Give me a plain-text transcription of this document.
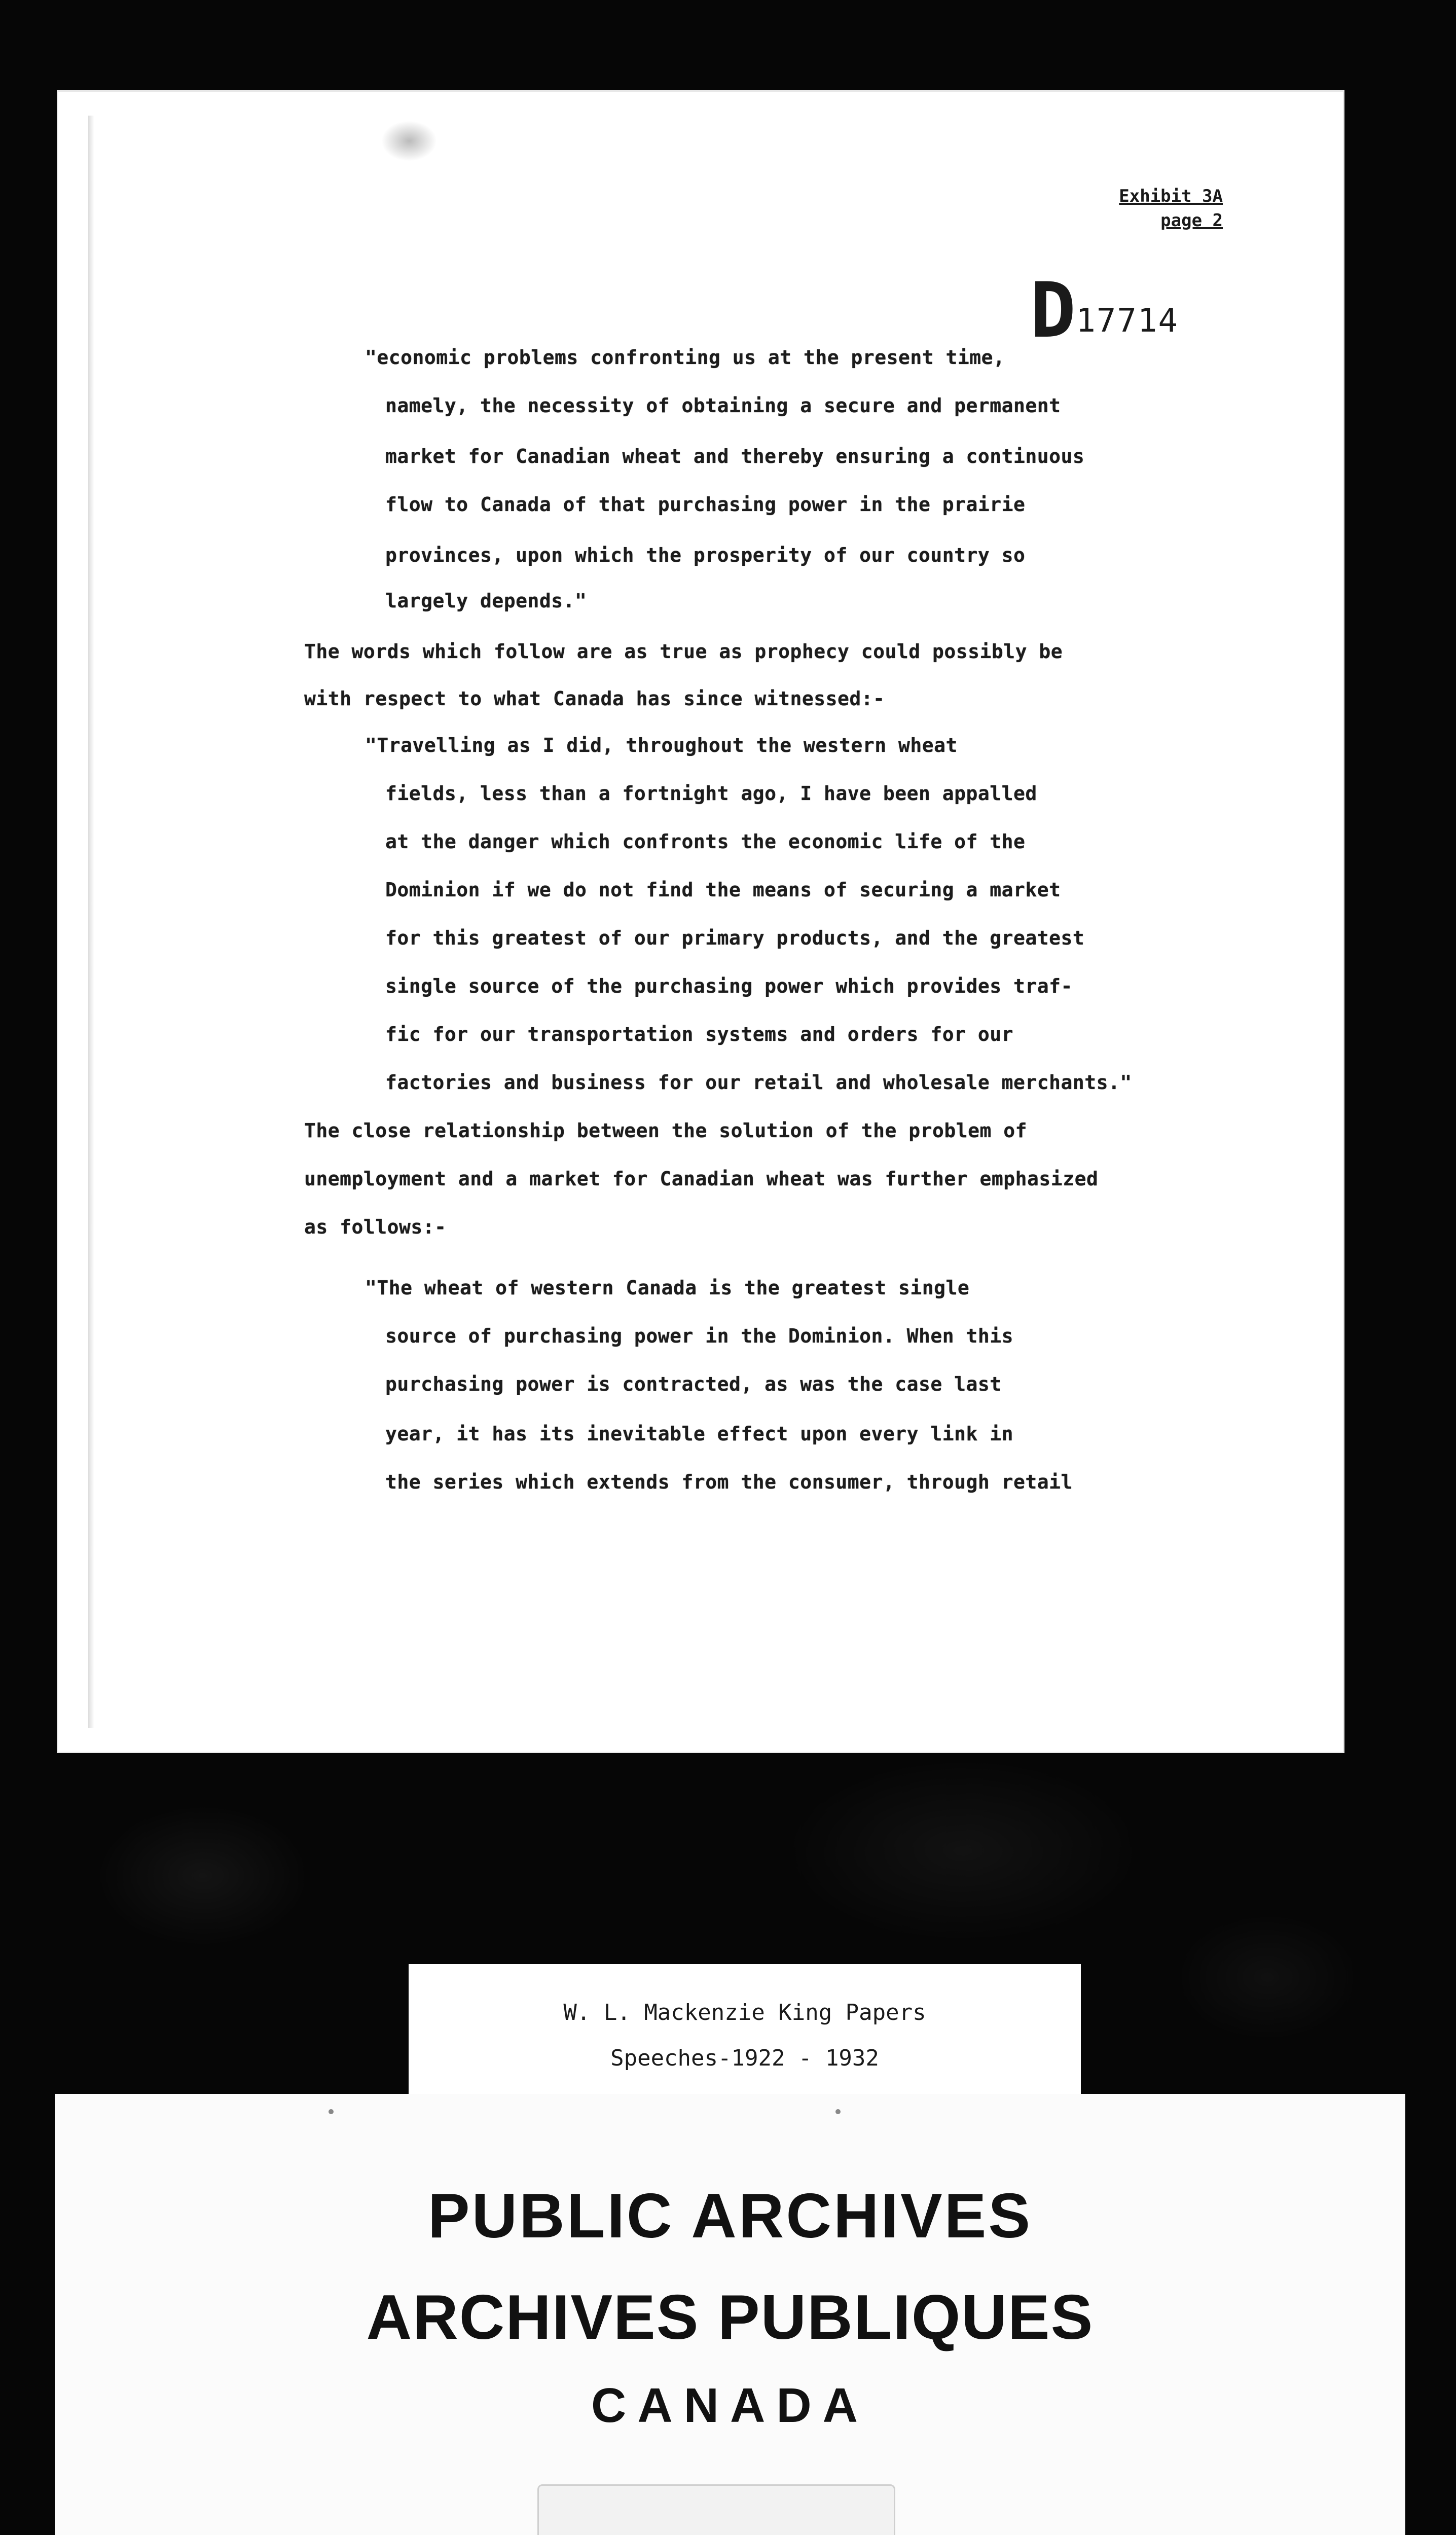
Exhibit 3A
page 2
D17714
"economic problems confronting us at the present time,
namely, the necessity of obtaining a secure and permanent
market for Canadian wheat and thereby ensuring a continuous
flow to Canada of that purchasing power in the prairie
provinces, upon which the prosperity of our country so
largely depends."
The words which follow are as true as prophecy could possibly be
with respect to what Canada has since witnessed:-
"Travelling as I did, throughout the western wheat
fields, less than a fortnight ago, I have been appalled
at the danger which confronts the economic life of the
Dominion if we do not find the means of securing a market
for this greatest of our primary products, and the greatest
single source of the purchasing power which provides traf-
fic for our transportation systems and orders for our
factories and business for our retail and wholesale merchants."
The close relationship between the solution of the problem of
unemployment and a market for Canadian wheat was further emphasized
as follows:-
"The wheat of western Canada is the greatest single
source of purchasing power in the Dominion. When this
purchasing power is contracted, as was the case last
year, it has its inevitable effect upon every link in
the series which extends from the consumer, through retail
W. L. Mackenzie King Papers
Speeches-1922 - 1932
PUBLIC ARCHIVES
ARCHIVES PUBLIQUES
CANADA
